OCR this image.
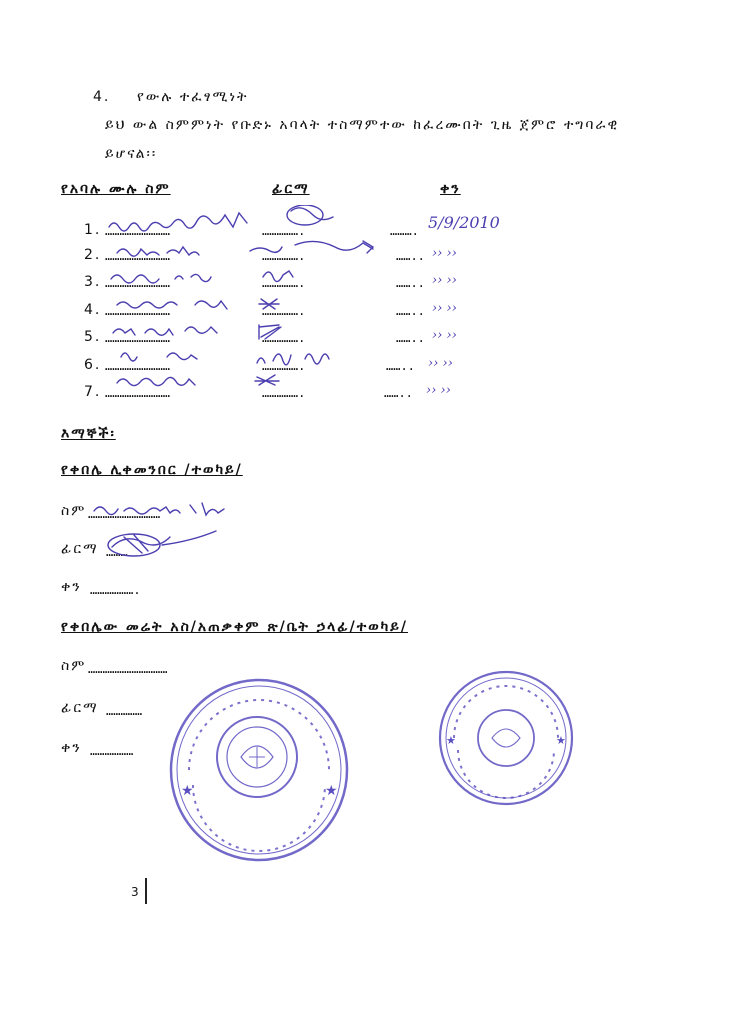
4. የውሉ ተፈፃሚነት
ይህ ውል ስምምነት የቡድኑ አባላት ተስማምተው ከፈረሙበት ጊዜ ጀምሮ ተግባራዊ
ይሆናል፡፡
የአባሉ ሙሉ ስም	ፊርማ	ቀን
1. ………………………	…………….	………. 5/9/2010
2. ………………………	…………….	…….. ›› ››
3. ………………………	…………….	…….. ›› ››
4. ………………………	…………….	…….. ›› ››
5. ………………………	…………….	…….. ›› ››
6. ………………………	…………….	…….. ›› ››
7. ………………………	…………….	…….. ›› ››
እማኞች፡
የቀበሌ ሊቀመንበር /ተወካይ/
ስም …………………………
ፊርማ ………
ቀን ……………….
የቀበሌው መሬት አስ/አጠቃቀም ጽ/ቤት ኃላፊ/ተወካይ/
ስም ……………………………
ፊርማ ……………
ቀን ………………
★	★
★	★
3
